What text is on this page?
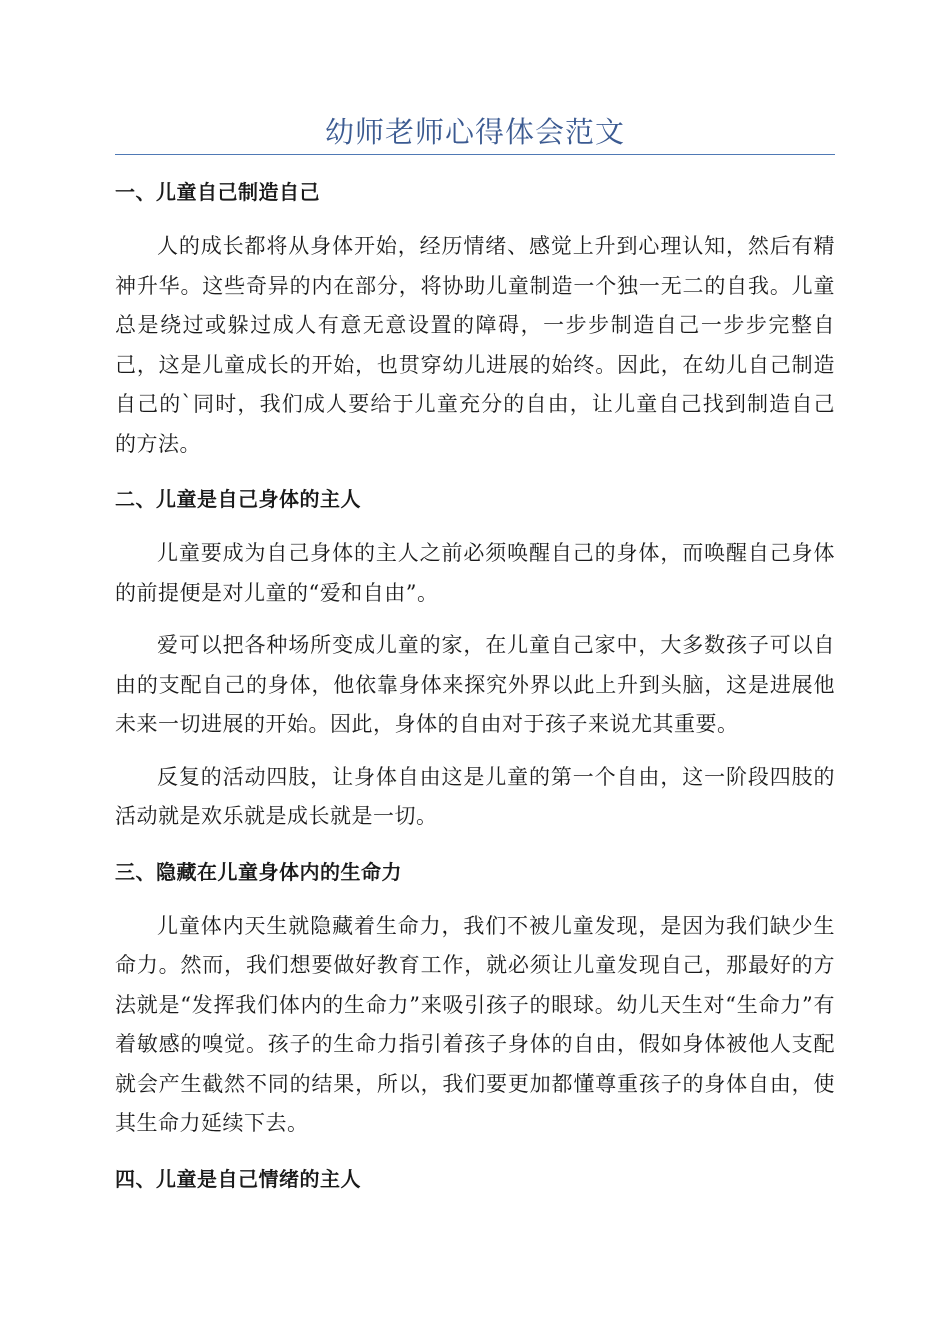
幼师老师心得体会范文
一、儿童自己制造自己

人的成长都将从身体开始，经历情绪、感觉上升到心理认知，然后有精神升华。这些奇异的内在部分，将协助儿童制造一个独一无二的自我。儿童总是绕过或躲过成人有意无意设置的障碍，一步步制造自己一步步完整自己，这是儿童成长的开始，也贯穿幼儿进展的始终。因此，在幼儿自己制造自己的`同时，我们成人要给于儿童充分的自由，让儿童自己找到制造自己的方法。

二、儿童是自己身体的主人

儿童要成为自己身体的主人之前必须唤醒自己的身体，而唤醒自己身体的前提便是对儿童的“爱和自由”。

爱可以把各种场所变成儿童的家，在儿童自己家中，大多数孩子可以自由的支配自己的身体，他依靠身体来探究外界以此上升到头脑，这是进展他未来一切进展的开始。因此，身体的自由对于孩子来说尤其重要。

反复的活动四肢，让身体自由这是儿童的第一个自由，这一阶段四肢的活动就是欢乐就是成长就是一切。

三、隐藏在儿童身体内的生命力

儿童体内天生就隐藏着生命力，我们不被儿童发现，是因为我们缺少生命力。然而，我们想要做好教育工作，就必须让儿童发现自己，那最好的方法就是“发挥我们体内的生命力”来吸引孩子的眼球。幼儿天生对“生命力”有着敏感的嗅觉。孩子的生命力指引着孩子身体的自由，假如身体被他人支配就会产生截然不同的结果，所以，我们要更加都懂尊重孩子的身体自由，使其生命力延续下去。

四、儿童是自己情绪的主人
